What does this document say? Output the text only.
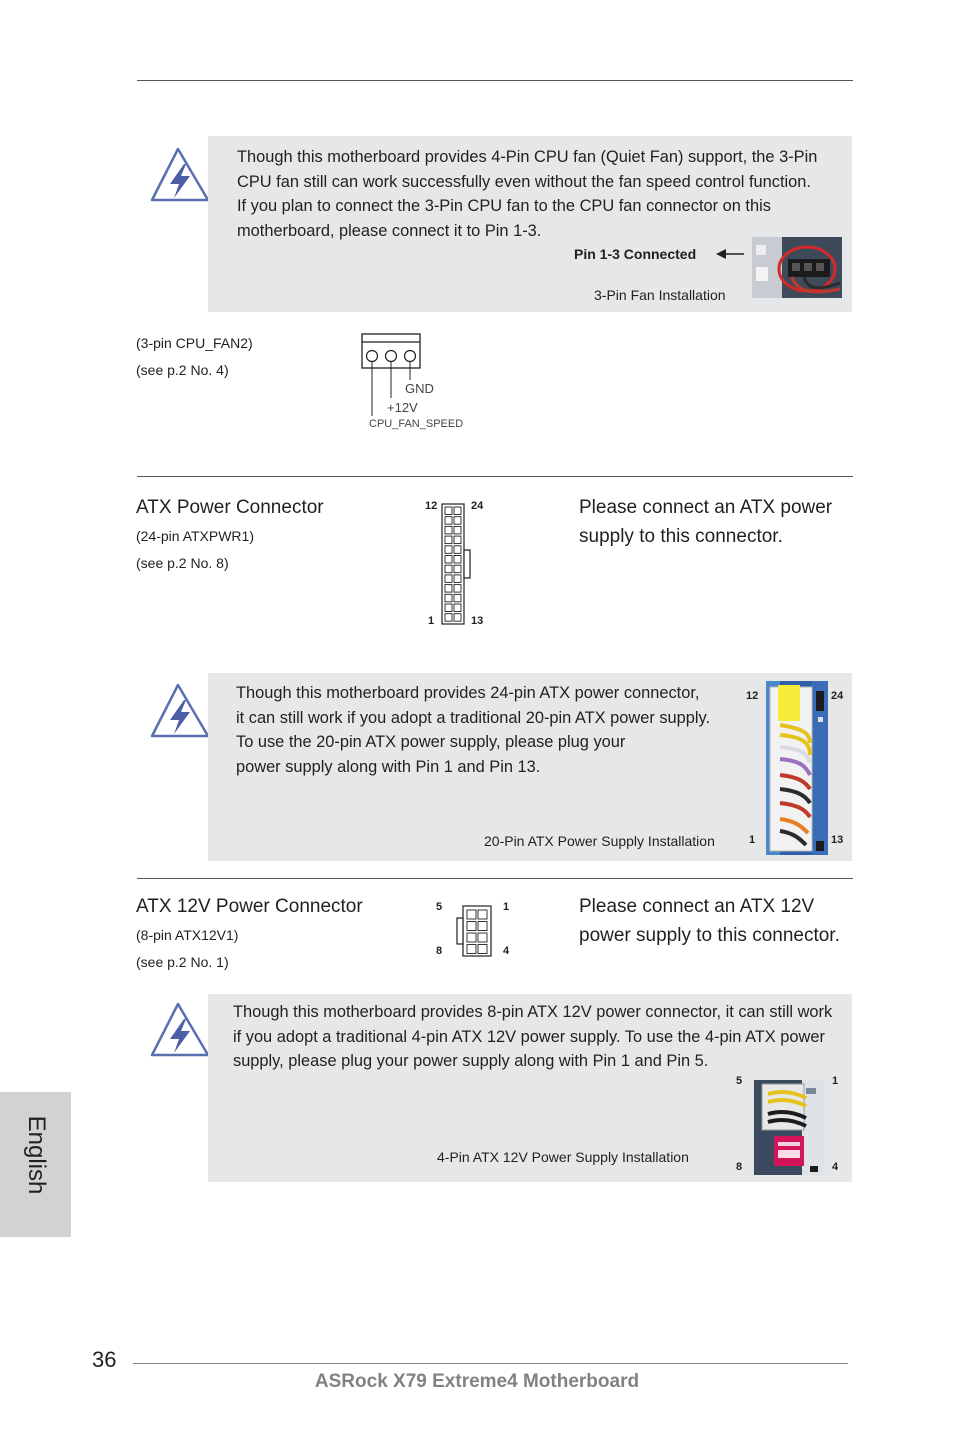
Though this motherboard provides 4-Pin CPU fan (Quiet Fan) support, the 3-Pin
CPU fan still can work successfully even without the fan speed control function.
If you plan to connect the 3-Pin CPU fan to the CPU fan connector on this
motherboard, please connect it to Pin 1-3.
Pin 1-3 Connected
3-Pin Fan Installation
(3-pin CPU_FAN2)
(see p.2 No. 4)
GND
+12V
CPU_FAN_SPEED
ATX Power Connector
(24-pin ATXPWR1)
(see p.2 No. 8)
12	24
1	13
Please connect an ATX power
supply to this connector.
Though this motherboard provides 24-pin ATX power connector,
it can still work if you adopt a traditional 20-pin ATX power supply.
To use the 20-pin ATX power supply, please plug your
power supply along with Pin 1 and Pin 13.
20-Pin ATX Power Supply Installation
12	24
1	13
ATX 12V Power Connector
(8-pin ATX12V1)
(see p.2 No. 1)
5	1
8	4
Please connect an ATX 12V
power supply to this connector.
Though this motherboard provides 8-pin ATX 12V power connector, it can still work
if you adopt a traditional 4-pin ATX 12V power supply. To use the 4-pin ATX power
supply, please plug your power supply along with Pin 1 and Pin 5.
4-Pin ATX 12V Power Supply Installation
5	1
8	4
English
36
ASRock X79 Extreme4 Motherboard
